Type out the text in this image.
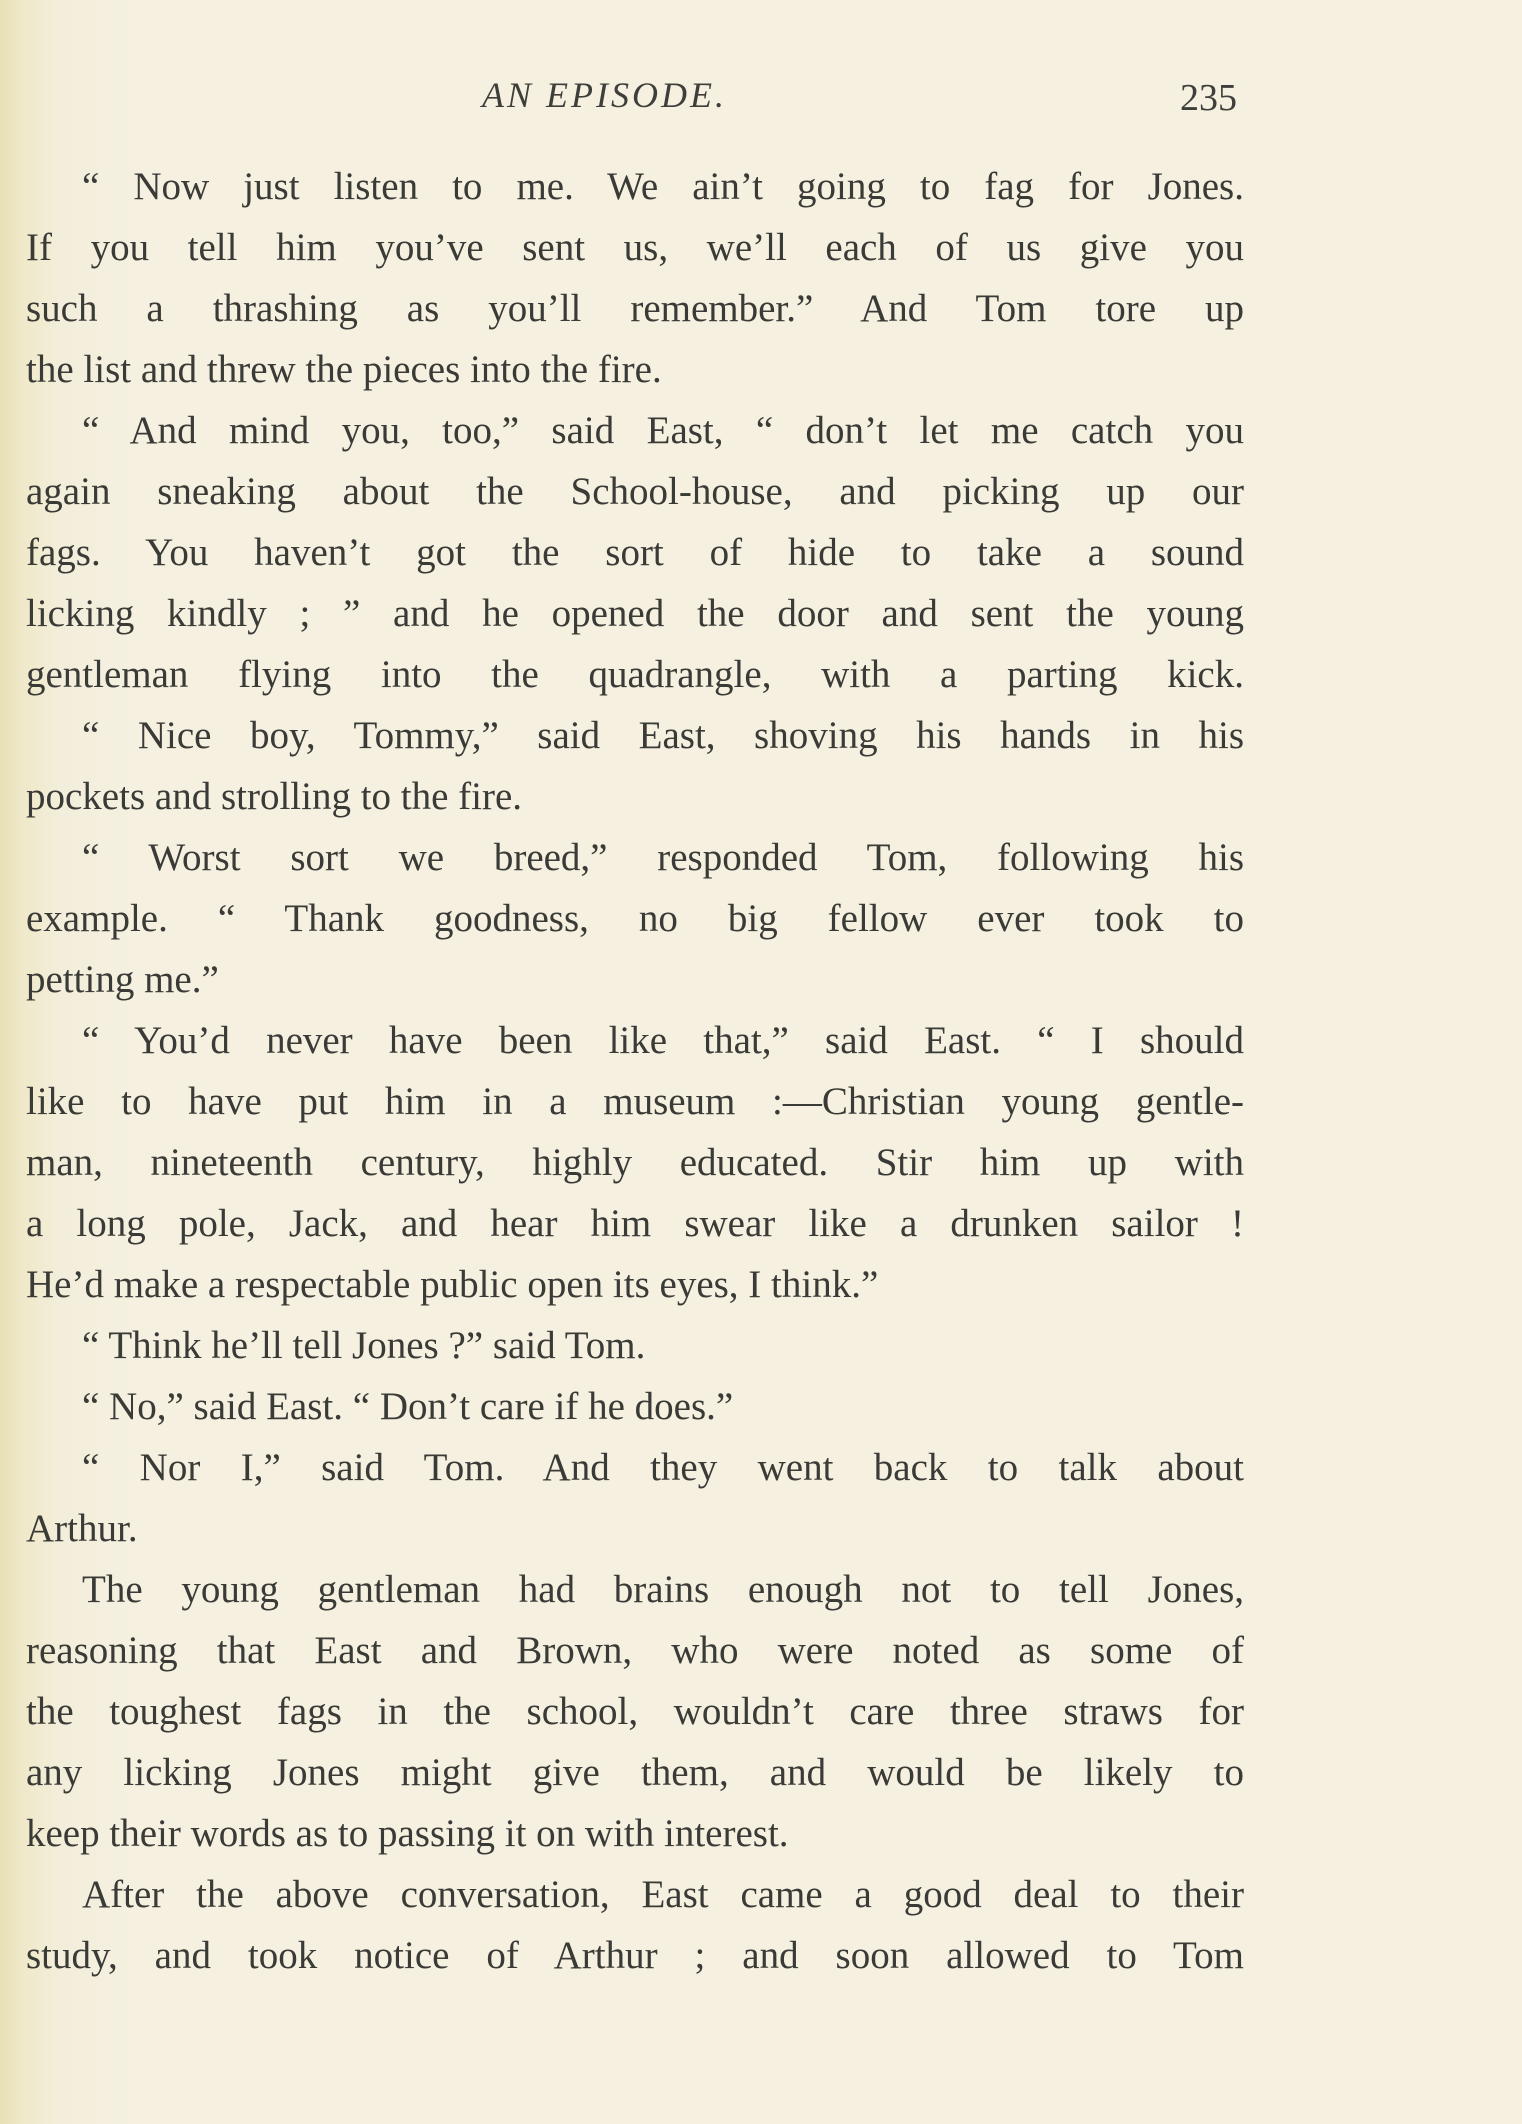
AN EPISODE.	235
“ Now just listen to me. We ain’t going to fag for Jones.
If you tell him you’ve sent us, we’ll each of us give you
such a thrashing as you’ll remember.” And Tom tore up
the list and threw the pieces into the fire.
“ And mind you, too,” said East, “ don’t let me catch you
again sneaking about the School-house, and picking up our
fags. You haven’t got the sort of hide to take a sound
licking kindly ; ” and he opened the door and sent the young
gentleman flying into the quadrangle, with a parting kick.
“ Nice boy, Tommy,” said East, shoving his hands in his
pockets and strolling to the fire.
“ Worst sort we breed,” responded Tom, following his
example. “ Thank goodness, no big fellow ever took to
petting me.”
“ You’d never have been like that,” said East. “ I should
like to have put him in a museum :—Christian young gentle-
man, nineteenth century, highly educated. Stir him up with
a long pole, Jack, and hear him swear like a drunken sailor !
He’d make a respectable public open its eyes, I think.”
“ Think he’ll tell Jones ?” said Tom.
“ No,” said East. “ Don’t care if he does.”
“ Nor I,” said Tom. And they went back to talk about
Arthur.
The young gentleman had brains enough not to tell Jones,
reasoning that East and Brown, who were noted as some of
the toughest fags in the school, wouldn’t care three straws for
any licking Jones might give them, and would be likely to
keep their words as to passing it on with interest.
After the above conversation, East came a good deal to their
study, and took notice of Arthur ; and soon allowed to Tom
